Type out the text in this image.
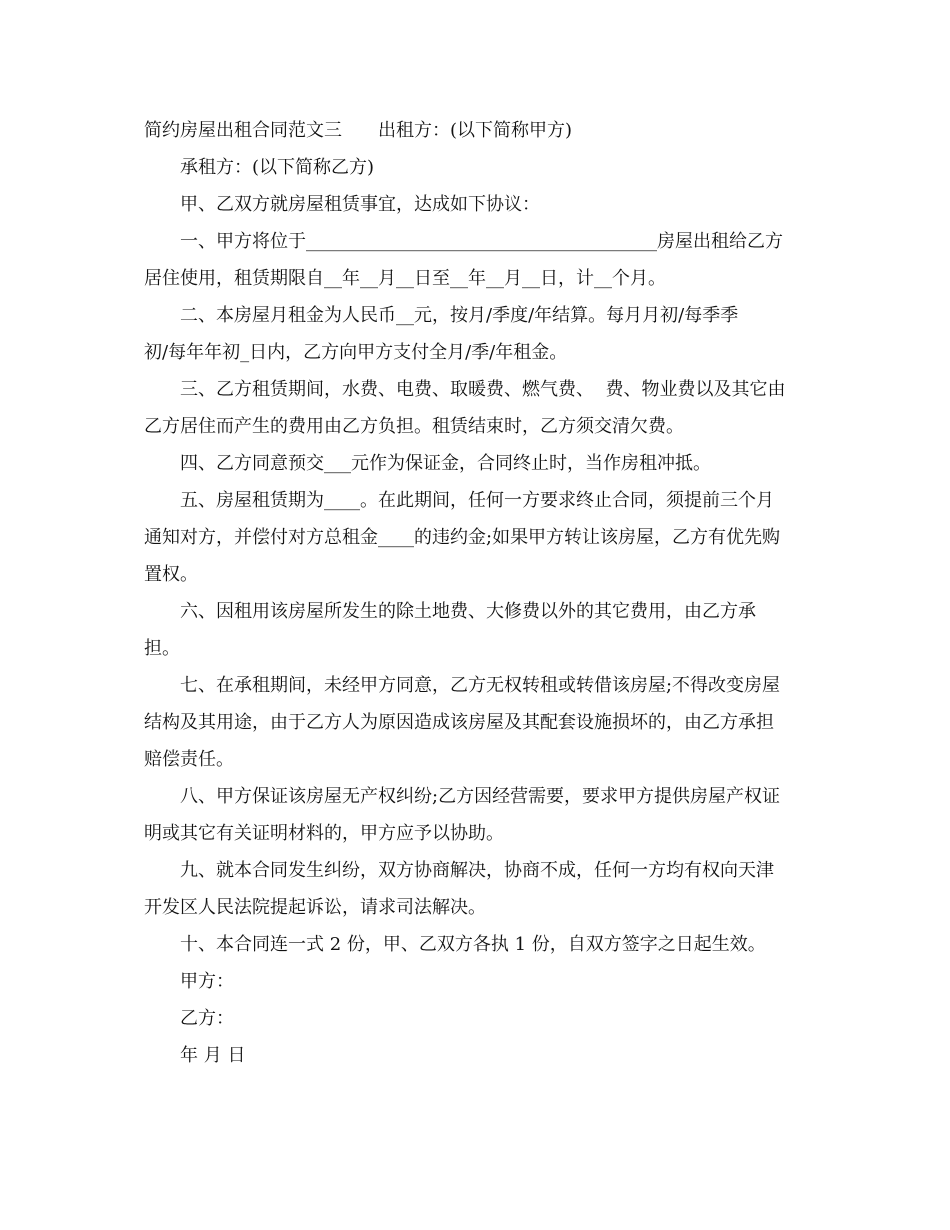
简约房屋出租合同范文三　　出租方：(以下简称甲方)
承租方：(以下简称乙方)
甲、乙双方就房屋租赁事宜，达成如下协议：
一、甲方将位于_______________________________________房屋出租给乙方
居住使用，租赁期限自__年__月__日至__年__月__日，计__个月。
二、本房屋月租金为人民币__元，按月/季度/年结算。每月月初/每季季
初/每年年初_日内，乙方向甲方支付全月/季/年租金。
三、乙方租赁期间，水费、电费、取暖费、燃气费、  费、物业费以及其它由
乙方居住而产生的费用由乙方负担。租赁结束时，乙方须交清欠费。
四、乙方同意预交___元作为保证金，合同终止时，当作房租冲抵。
五、房屋租赁期为____。在此期间，任何一方要求终止合同，须提前三个月
通知对方，并偿付对方总租金____的违约金;如果甲方转让该房屋，乙方有优先购
置权。
六、因租用该房屋所发生的除土地费、大修费以外的其它费用，由乙方承
担。
七、在承租期间，未经甲方同意，乙方无权转租或转借该房屋;不得改变房屋
结构及其用途，由于乙方人为原因造成该房屋及其配套设施损坏的，由乙方承担
赔偿责任。
八、甲方保证该房屋无产权纠纷;乙方因经营需要，要求甲方提供房屋产权证
明或其它有关证明材料的，甲方应予以协助。
九、就本合同发生纠纷，双方协商解决，协商不成，任何一方均有权向天津
开发区人民法院提起诉讼，请求司法解决。
十、本合同连一式 2 份，甲、乙双方各执 1 份，自双方签字之日起生效。
甲方：
乙方：
年 月 日
